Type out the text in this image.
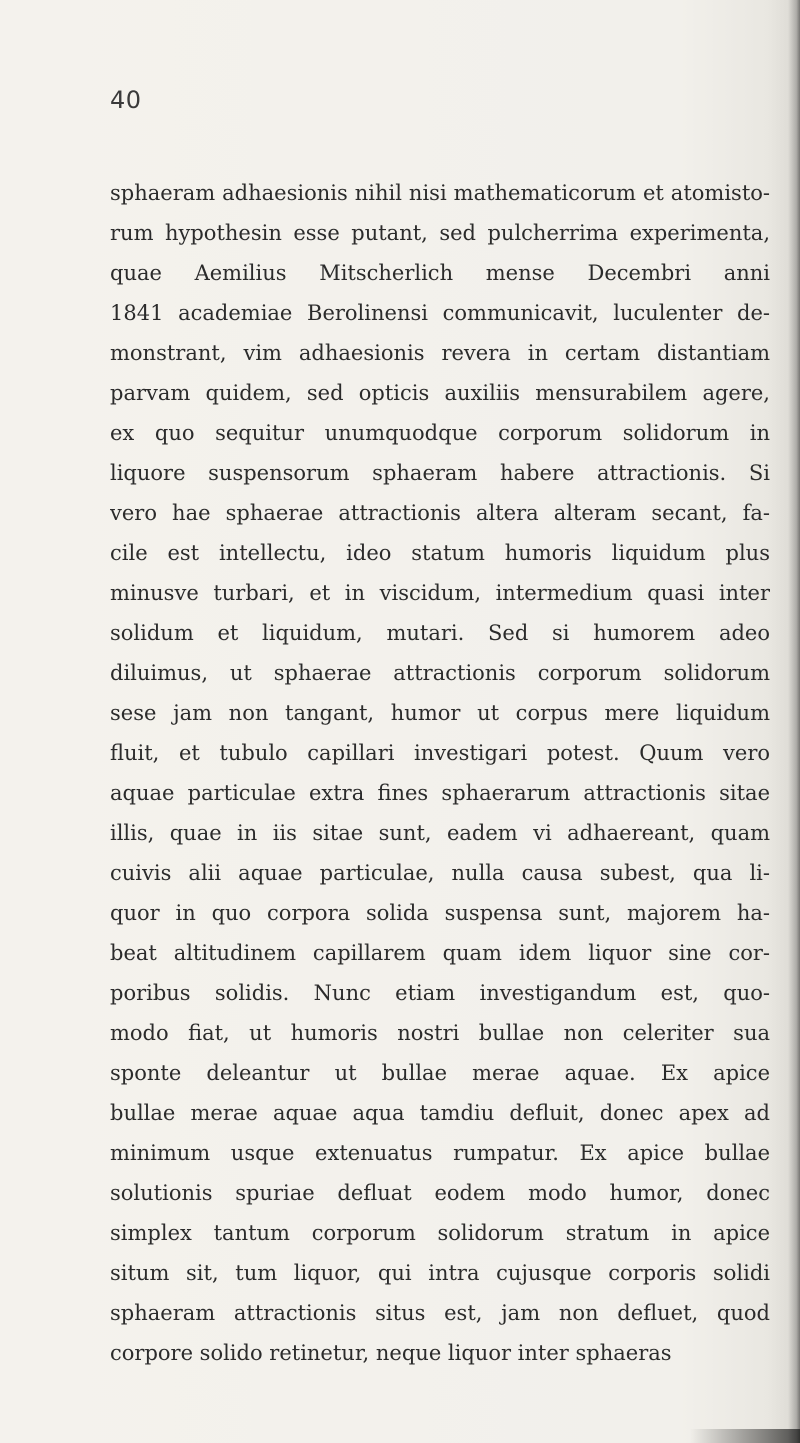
40
sphaeram adhaesionis nihil nisi mathematicorum et atomisto-
rum hypothesin esse putant, sed pulcherrima experimenta,
quae Aemilius Mitscherlich mense Decembri anni
1841 academiae Berolinensi communicavit, luculenter de-
monstrant, vim adhaesionis revera in certam distantiam
parvam quidem, sed opticis auxiliis mensurabilem agere,
ex quo sequitur unumquodque corporum solidorum in
liquore suspensorum sphaeram habere attractionis. Si
vero hae sphaerae attractionis altera alteram secant, fa-
cile est intellectu, ideo statum humoris liquidum plus
minusve turbari, et in viscidum, intermedium quasi inter
solidum et liquidum, mutari. Sed si humorem adeo
diluimus, ut sphaerae attractionis corporum solidorum
sese jam non tangant, humor ut corpus mere liquidum
fluit, et tubulo capillari investigari potest. Quum vero
aquae particulae extra fines sphaerarum attractionis sitae
illis, quae in iis sitae sunt, eadem vi adhaereant, quam
cuivis alii aquae particulae, nulla causa subest, qua li-
quor in quo corpora solida suspensa sunt, majorem ha-
beat altitudinem capillarem quam idem liquor sine cor-
poribus solidis. Nunc etiam investigandum est, quo-
modo fiat, ut humoris nostri bullae non celeriter sua
sponte deleantur ut bullae merae aquae. Ex apice
bullae merae aquae aqua tamdiu defluit, donec apex ad
minimum usque extenuatus rumpatur. Ex apice bullae
solutionis spuriae defluat eodem modo humor, donec
simplex tantum corporum solidorum stratum in apice
situm sit, tum liquor, qui intra cujusque corporis solidi
sphaeram attractionis situs est, jam non defluet, quod
corpore solido retinetur, neque liquor inter sphaeras
